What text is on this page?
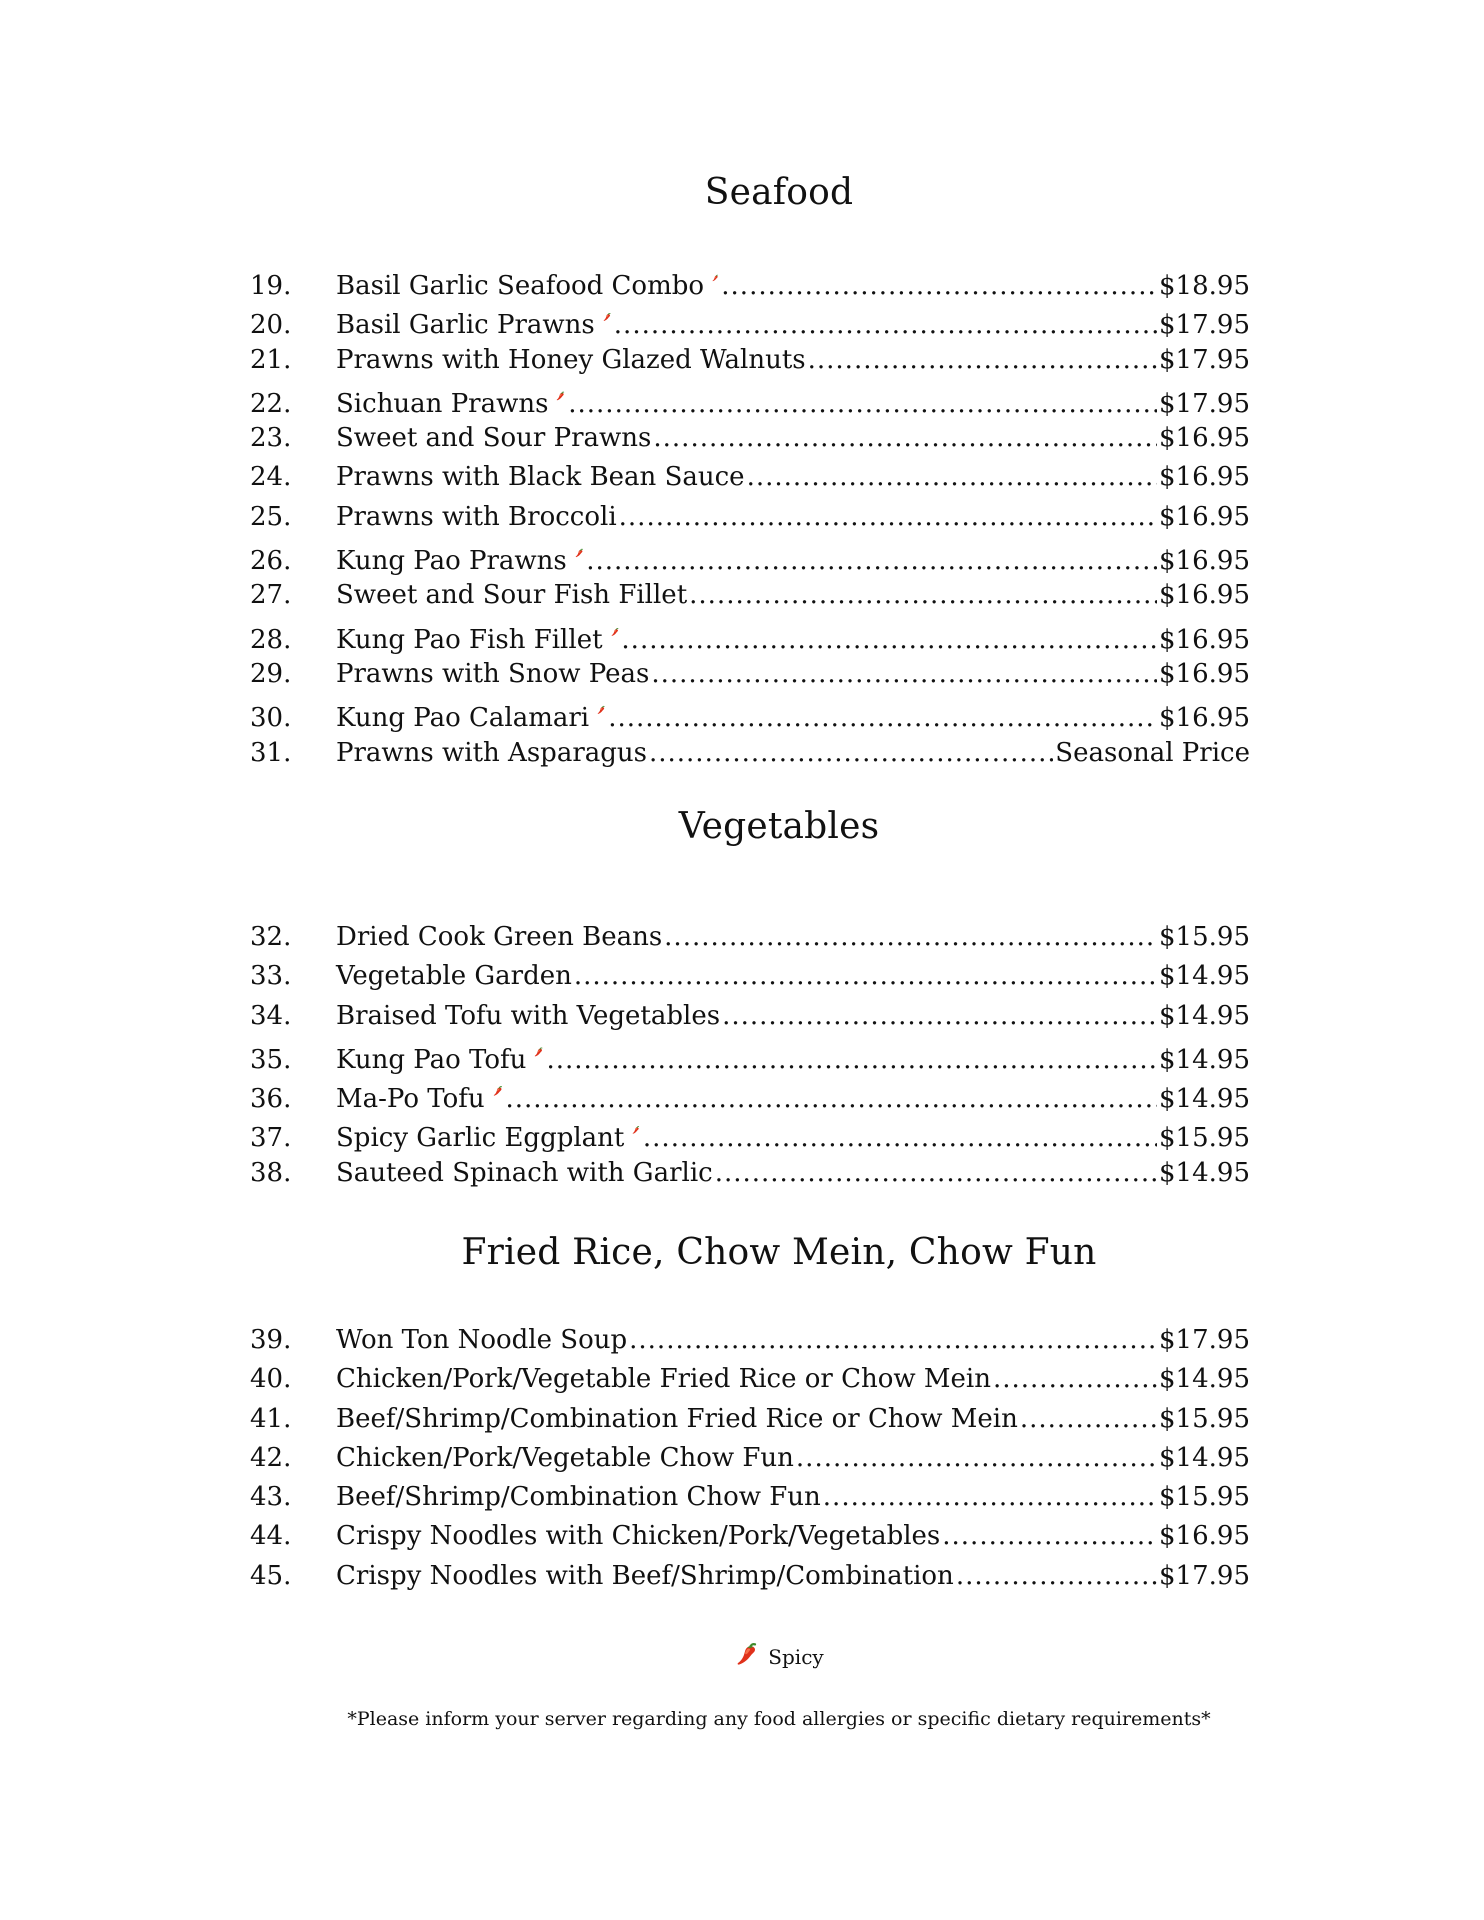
Seafood
19.	Basil Garlic Seafood Combo .....	$18.95
20.	Basil Garlic Prawns .....	$17.95
21.	Prawns with Honey Glazed Walnuts .....	$17.95
22.	Sichuan Prawns .....	$17.95
23.	Sweet and Sour Prawns .....	$16.95
24.	Prawns with Black Bean Sauce .....	$16.95
25.	Prawns with Broccoli .....	$16.95
26.	Kung Pao Prawns .....	$16.95
27.	Sweet and Sour Fish Fillet .....	$16.95
28.	Kung Pao Fish Fillet .....	$16.95
29.	Prawns with Snow Peas .....	$16.95
30.	Kung Pao Calamari .....	$16.95
31.	Prawns with Asparagus .....	Seasonal Price
Vegetables
32.	Dried Cook Green Beans .....	$15.95
33.	Vegetable Garden .....	$14.95
34.	Braised Tofu with Vegetables .....	$14.95
35.	Kung Pao Tofu .....	$14.95
36.	Ma-Po Tofu .....	$14.95
37.	Spicy Garlic Eggplant .....	$15.95
38.	Sauteed Spinach with Garlic .....	$14.95
Fried Rice, Chow Mein, Chow Fun
39.	Won Ton Noodle Soup .....	$17.95
40.	Chicken/Pork/Vegetable Fried Rice or Chow Mein .....	$14.95
41.	Beef/Shrimp/Combination Fried Rice or Chow Mein .....	$15.95
42.	Chicken/Pork/Vegetable Chow Fun .....	$14.95
43.	Beef/Shrimp/Combination Chow Fun .....	$15.95
44.	Crispy Noodles with Chicken/Pork/Vegetables .....	$16.95
45.	Crispy Noodles with Beef/Shrimp/Combination .....	$17.95
Spicy
*Please inform your server regarding any food allergies or specific dietary requirements*
